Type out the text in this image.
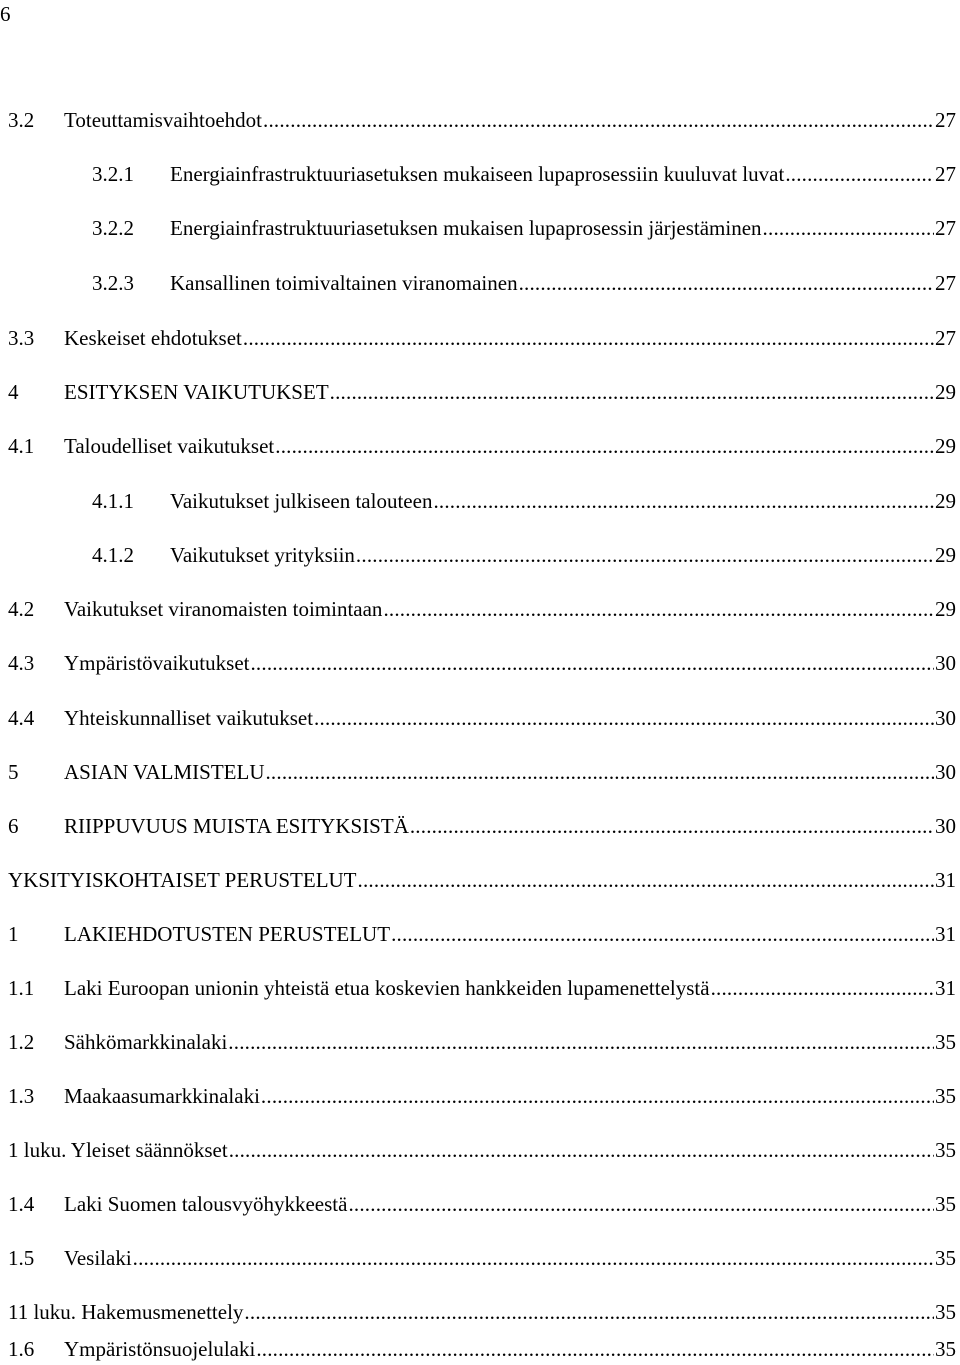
6
3.2 Toteuttamisvaihtoehdot .....	27
3.2.1 Energiainfrastruktuuriasetuksen mukaiseen lupaprosessiin kuuluvat luvat .....	27
3.2.2 Energiainfrastruktuuriasetuksen mukaisen lupaprosessin järjestäminen .....	27
3.2.3 Kansallinen toimivaltainen viranomainen .....	27
3.3 Keskeiset ehdotukset .....	27
4 ESITYKSEN VAIKUTUKSET .....	29
4.1 Taloudelliset vaikutukset .....	29
4.1.1 Vaikutukset julkiseen talouteen .....	29
4.1.2 Vaikutukset yrityksiin .....	29
4.2 Vaikutukset viranomaisten toimintaan .....	29
4.3 Ympäristövaikutukset .....	30
4.4 Yhteiskunnalliset vaikutukset .....	30
5 ASIAN VALMISTELU .....	30
6 RIIPPUVUUS MUISTA ESITYKSISTÄ .....	30
YKSITYISKOHTAISET PERUSTELUT .....	31
1 LAKIEHDOTUSTEN PERUSTELUT .....	31
1.1 Laki Euroopan unionin yhteistä etua koskevien hankkeiden lupamenettelystä .....	31
1.2 Sähkömarkkinalaki .....	35
1.3 Maakaasumarkkinalaki .....	35
1 luku. Yleiset säännökset .....	35
1.4 Laki Suomen talousvyöhykkeestä .....	35
1.5 Vesilaki .....	35
11 luku. Hakemusmenettely .....	35
1.6 Ympäristönsuojelulaki .....	35
